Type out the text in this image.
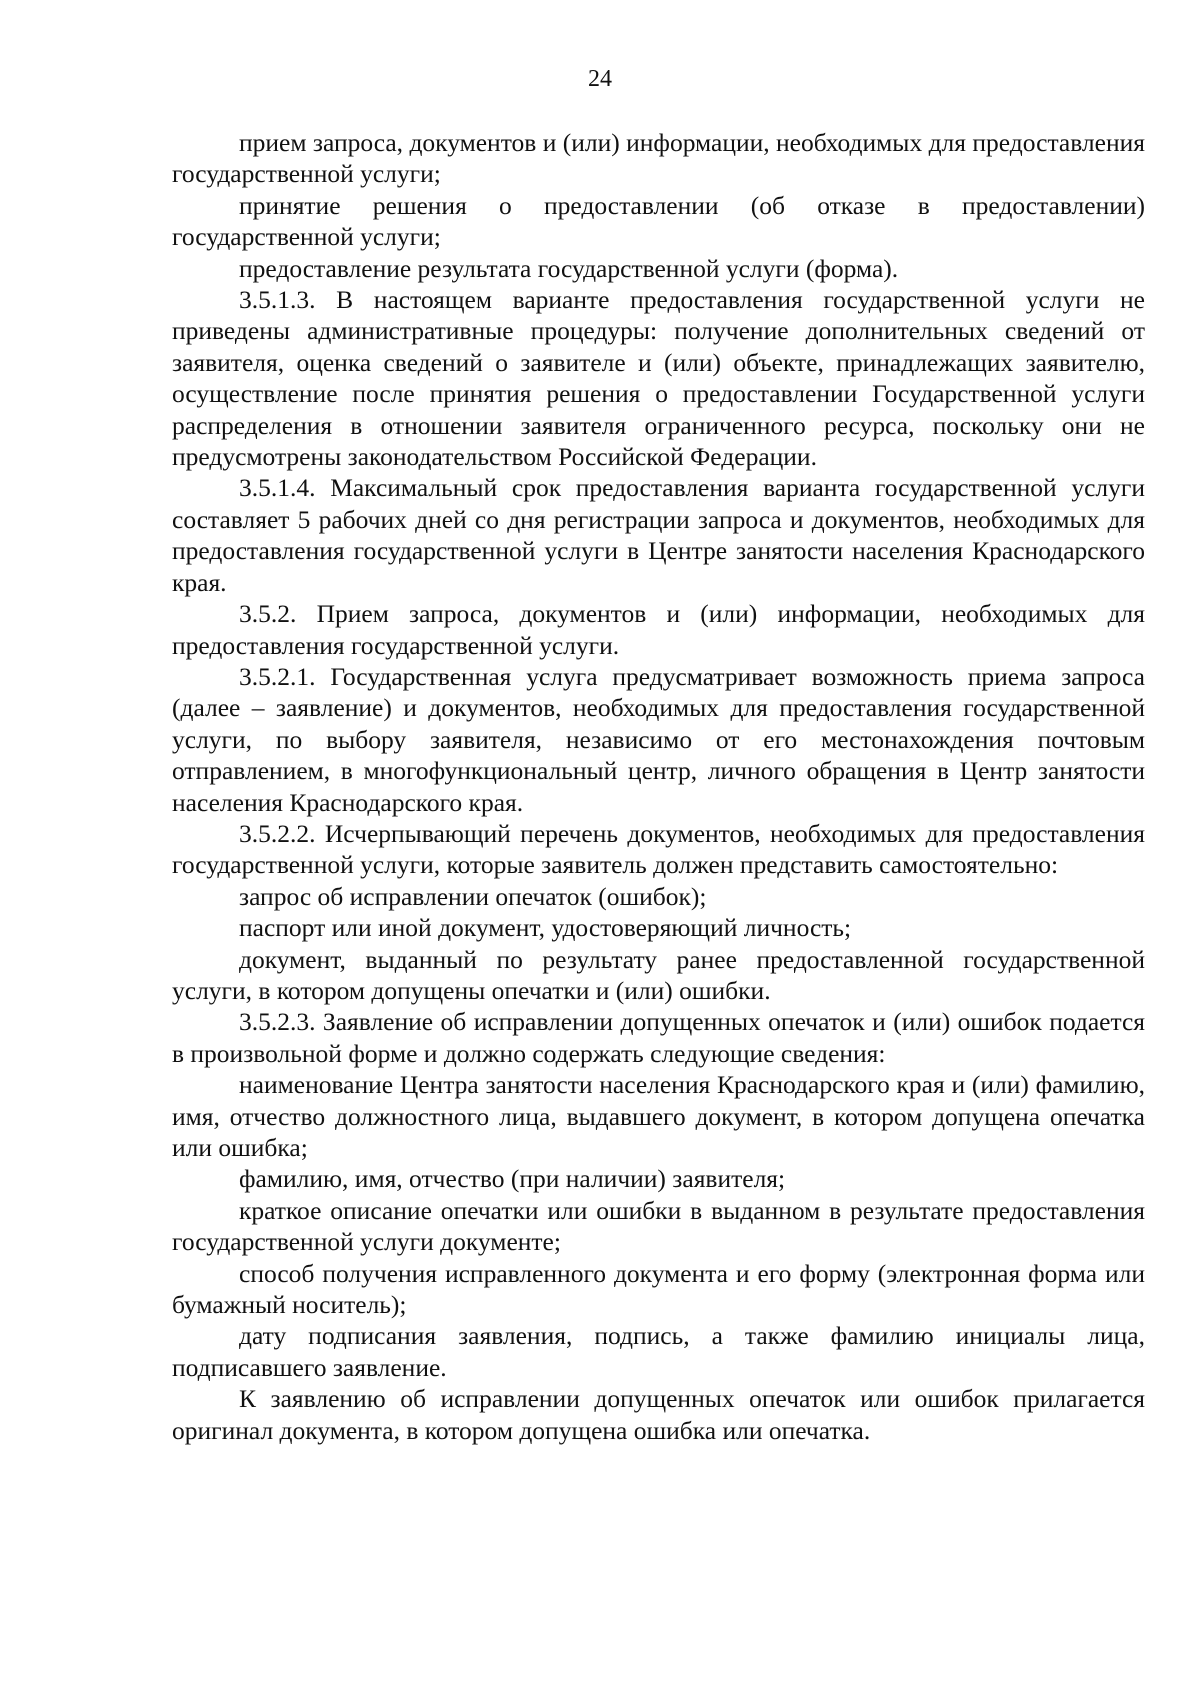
24

прием запроса, документов и (или) информации, необходимых для предоставления государственной услуги;

принятие решения о предоставлении (об отказе в предоставлении) государственной услуги;

предоставление результата государственной услуги (форма).

3.5.1.3. В настоящем варианте предоставления государственной услуги не приведены административные процедуры: получение дополнительных сведений от заявителя, оценка сведений о заявителе и (или) объекте, принадлежащих заявителю, осуществление после принятия решения о предоставлении Государственной услуги распределения в отношении заявителя ограниченного ресурса, поскольку они не предусмотрены законодательством Российской Федерации.

3.5.1.4. Максимальный срок предоставления варианта государственной услуги составляет 5 рабочих дней со дня регистрации запроса и документов, необходимых для предоставления государственной услуги в Центре занятости населения Краснодарского края.

3.5.2. Прием запроса, документов и (или) информации, необходимых для предоставления государственной услуги.

3.5.2.1. Государственная услуга предусматривает возможность приема запроса (далее – заявление) и документов, необходимых для предоставления государственной услуги, по выбору заявителя, независимо от его местонахождения почтовым отправлением, в многофункциональный центр, личного обращения в Центр занятости населения Краснодарского края.

3.5.2.2. Исчерпывающий перечень документов, необходимых для предоставления государственной услуги, которые заявитель должен представить самостоятельно:

запрос об исправлении опечаток (ошибок);

паспорт или иной документ, удостоверяющий личность;

документ, выданный по результату ранее предоставленной государственной услуги, в котором допущены опечатки и (или) ошибки.

3.5.2.3. Заявление об исправлении допущенных опечаток и (или) ошибок подается в произвольной форме и должно содержать следующие сведения:

наименование Центра занятости населения Краснодарского края и (или) фамилию, имя, отчество должностного лица, выдавшего документ, в котором допущена опечатка или ошибка;

фамилию, имя, отчество (при наличии) заявителя;

краткое описание опечатки или ошибки в выданном в результате предоставления государственной услуги документе;

способ получения исправленного документа и его форму (электронная форма или бумажный носитель);

дату подписания заявления, подпись, а также фамилию инициалы лица, подписавшего заявление.

К заявлению об исправлении допущенных опечаток или ошибок прилагается оригинал документа, в котором допущена ошибка или опечатка.
